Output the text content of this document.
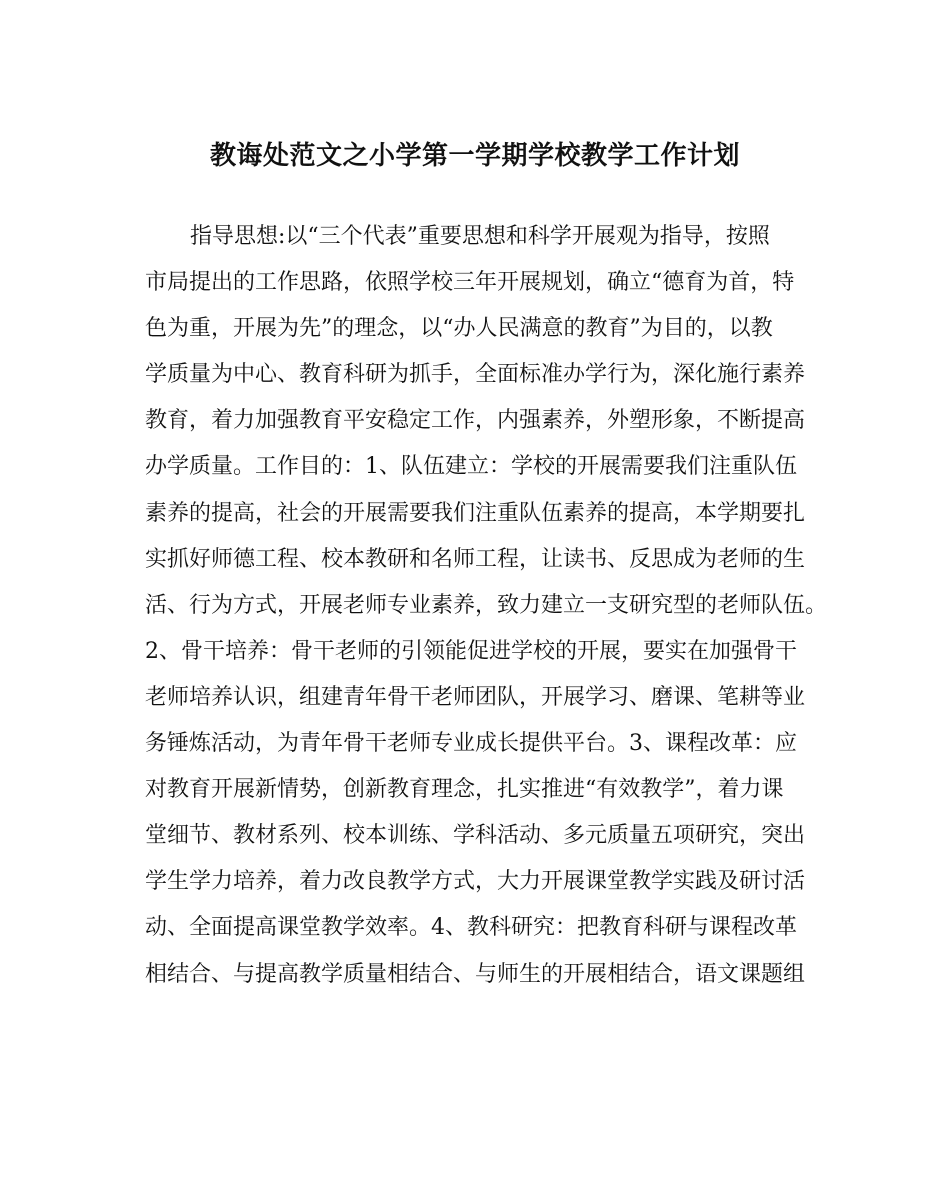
教诲处范文之小学第一学期学校教学工作计划
指导思想:以“三个代表”重要思想和科学开展观为指导，按照
市局提出的工作思路，依照学校三年开展规划，确立“德育为首，特
色为重，开展为先”的理念，以“办人民满意的教育”为目的，以教
学质量为中心、教育科研为抓手，全面标准办学行为，深化施行素养
教育，着力加强教育平安稳定工作，内强素养，外塑形象，不断提高
办学质量。工作目的：1、队伍建立：学校的开展需要我们注重队伍
素养的提高，社会的开展需要我们注重队伍素养的提高，本学期要扎
实抓好师德工程、校本教研和名师工程，让读书、反思成为老师的生
活、行为方式，开展老师专业素养，致力建立一支研究型的老师队伍。
2、骨干培养：骨干老师的引领能促进学校的开展，要实在加强骨干
老师培养认识，组建青年骨干老师团队，开展学习、磨课、笔耕等业
务锤炼活动，为青年骨干老师专业成长提供平台。3、课程改革：应
对教育开展新情势，创新教育理念，扎实推进“有效教学”，着力课
堂细节、教材系列、校本训练、学科活动、多元质量五项研究，突出
学生学力培养，着力改良教学方式，大力开展课堂教学实践及研讨活
动、全面提高课堂教学效率。4、教科研究：把教育科研与课程改革
相结合、与提高教学质量相结合、与师生的开展相结合，语文课题组
